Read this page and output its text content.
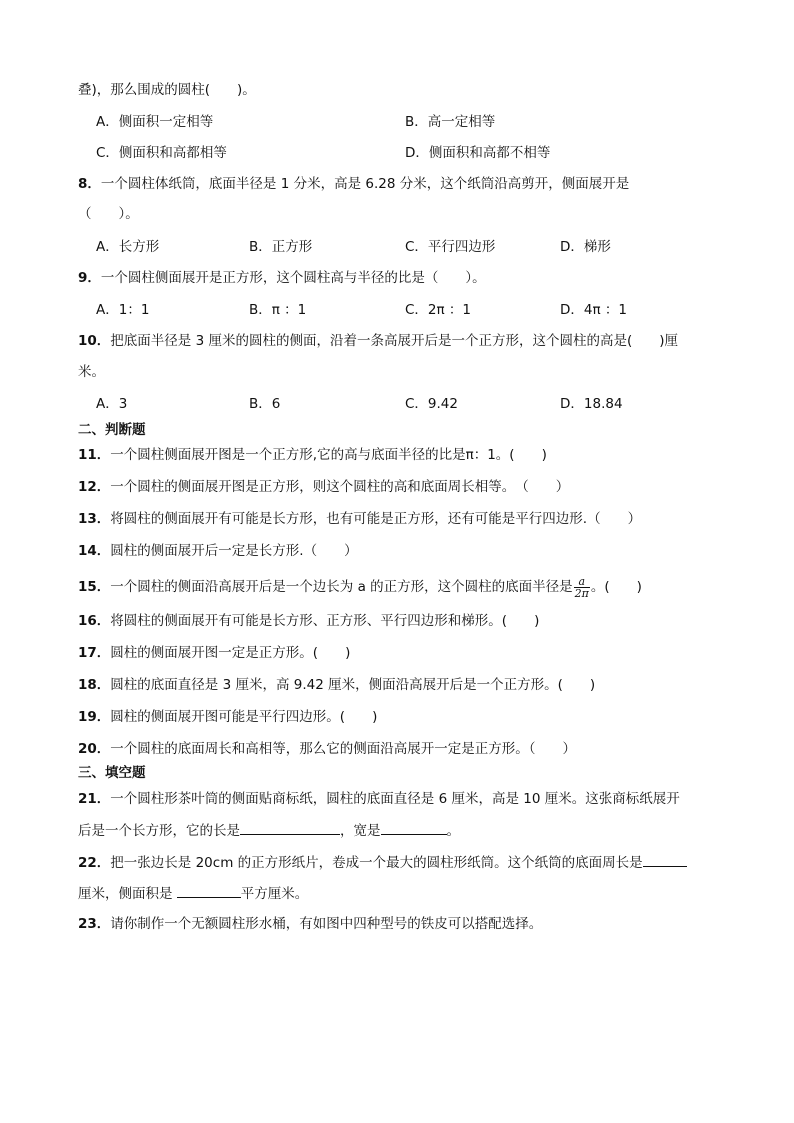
叠)，那么围成的圆柱(　　)。
A．侧面积一定相等	B．高一定相等
C．侧面积和高都相等	D．侧面积和高都不相等
8．一个圆柱体纸筒，底面半径是 1 分米，高是 6.28 分米，这个纸筒沿高剪开，侧面展开是
（　　）。
A．长方形	B．正方形	C．平行四边形	D．梯形
9．一个圆柱侧面展开是正方形，这个圆柱高与半径的比是（　　）。
A．1：1	B．π ：1	C．2π ：1	D．4π ：1
10．把底面半径是 3 厘米的圆柱的侧面，沿着一条高展开后是一个正方形，这个圆柱的高是(　　)厘
米。
A．3	B．6	C．9.42	D．18.84
二、判断题
11．一个圆柱侧面展开图是一个正方形,它的高与底面半径的比是π：1。(　　)
12．一个圆柱的侧面展开图是正方形，则这个圆柱的高和底面周长相等。　（　　）
13．将圆柱的侧面展开有可能是长方形，也有可能是正方形，还有可能是平行四边形.（　　）
14．圆柱的侧面展开后一定是长方形.（　　）
15．一个圆柱的侧面沿高展开后是一个边长为 a 的正方形，这个圆柱的底面半径是 $\frac{a}{2\pi}$ 。(　　)
16．将圆柱的侧面展开有可能是长方形、正方形、平行四边形和梯形。(　　)
17．圆柱的侧面展开图一定是正方形。(　　)
18．圆柱的底面直径是 3 厘米，高 9.42 厘米，侧面沿高展开后是一个正方形。(　　)
19．圆柱的侧面展开图可能是平行四边形。(　　)
20．一个圆柱的底面周长和高相等，那么它的侧面沿高展开一定是正方形。（　　）
三、填空题
21．一个圆柱形茶叶筒的侧面贴商标纸，圆柱的底面直径是 6 厘米，高是 10 厘米。这张商标纸展开
后是一个长方形，它的长是	，宽是	。
22．把一张边长是 20cm 的正方形纸片，卷成一个最大的圆柱形纸筒。这个纸筒的底面周长是
厘米，侧面积是	平方厘米。
23．请你制作一个无额圆柱形水桶，有如图中四种型号的铁皮可以搭配选择。
